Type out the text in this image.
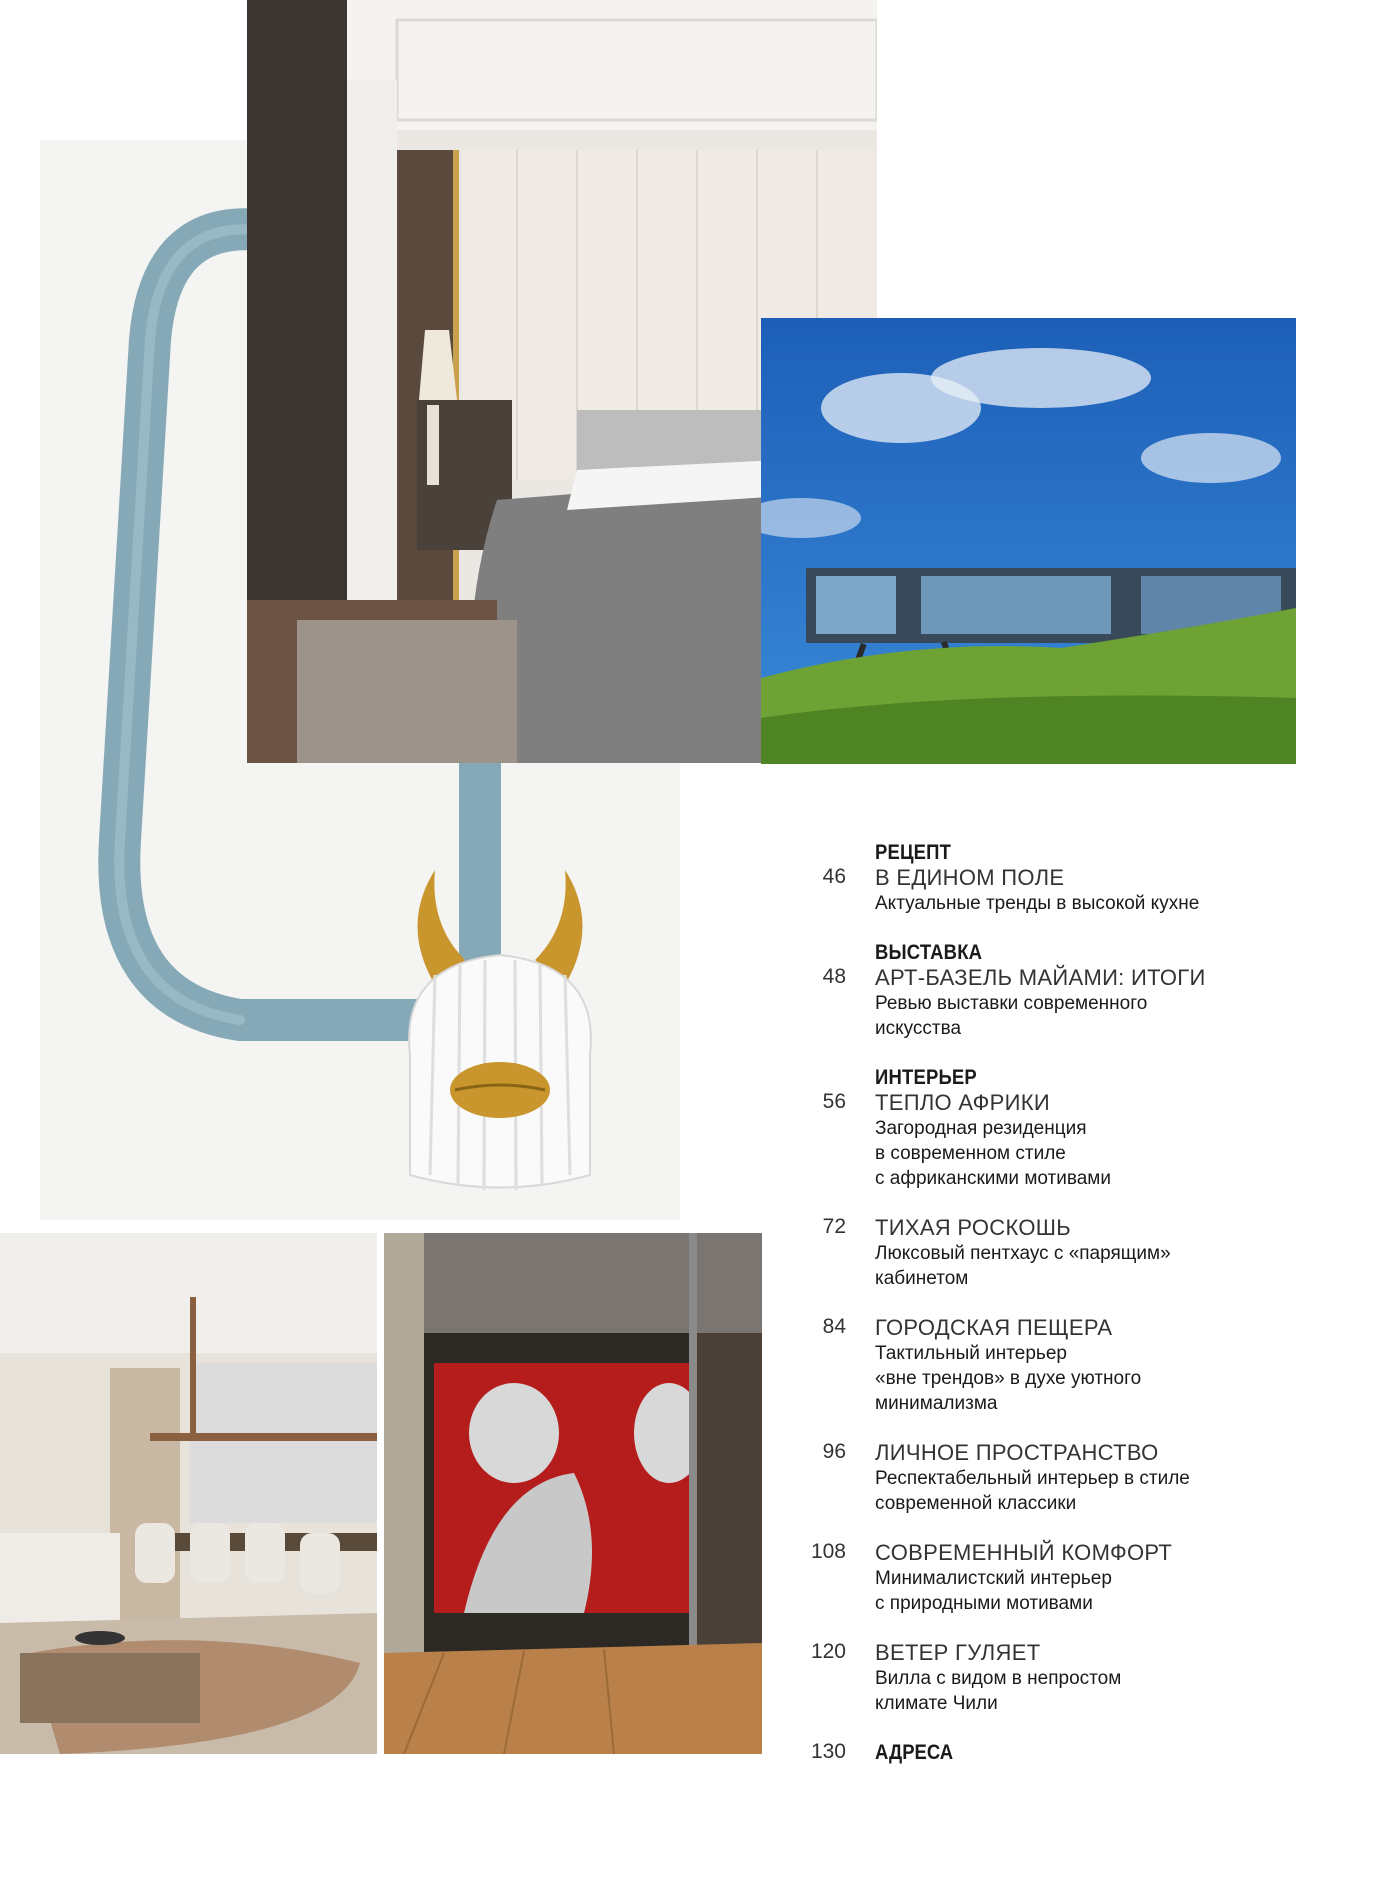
РЕЦЕПТ
46 В ЕДИНОМ ПОЛЕ
Актуальные тренды в высокой кухне
ВЫСТАВКА
48 АРТ-БАЗЕЛЬ МАЙАМИ: ИТОГИ
Ревью выставки современного
искусства
ИНТЕРЬЕР
56 ТЕПЛО АФРИКИ
Загородная резиденция
в современном стиле
с африканскими мотивами
72 ТИХАЯ РОСКОШЬ
Люксовый пентхаус с «парящим»
кабинетом
84 ГОРОДСКАЯ ПЕЩЕРА
Тактильный интерьер
«вне трендов» в духе уютного
минимализма
96 ЛИЧНОЕ ПРОСТРАНСТВО
Респектабельный интерьер в стиле
современной классики
108 СОВРЕМЕННЫЙ КОМФОРТ
Минималистский интерьер
с природными мотивами
120 ВЕТЕР ГУЛЯЕТ
Вилла с видом в непростом
климате Чили
130 АДРЕСА
